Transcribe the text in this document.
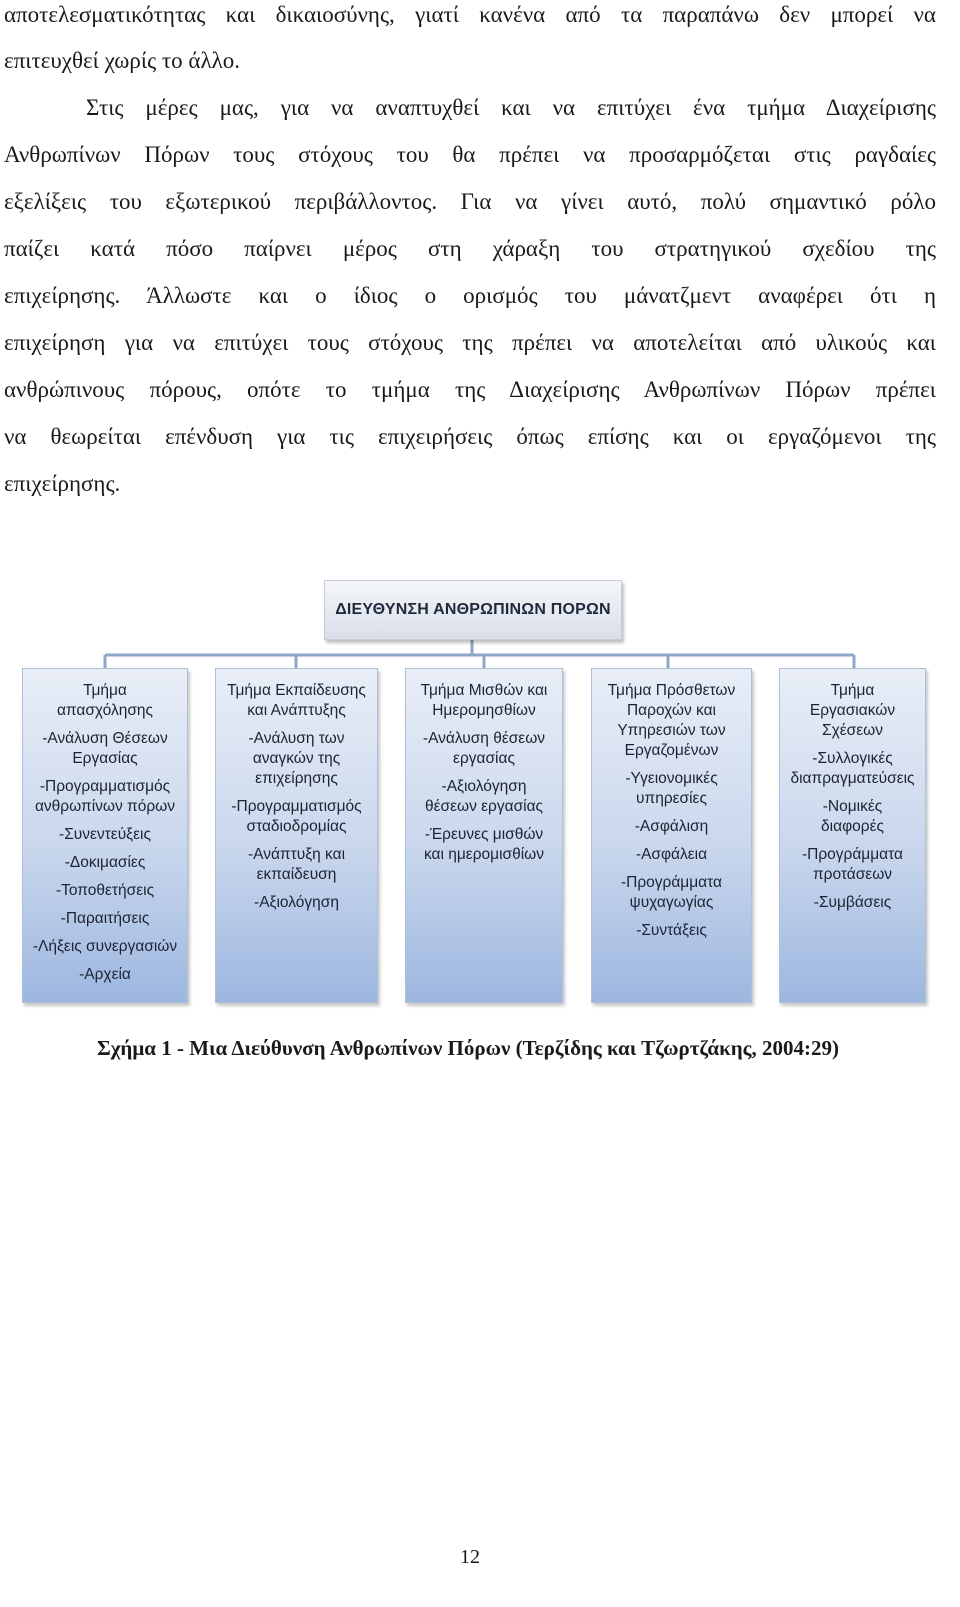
αποτελεσματικότητας και δικαιοσύνης, γιατί κανένα από τα παραπάνω δεν μπορεί να
επιτευχθεί χωρίς το άλλο.
Στις μέρες μας, για να αναπτυχθεί και να επιτύχει ένα τμήμα Διαχείρισης
Ανθρωπίνων Πόρων τους στόχους του θα πρέπει να προσαρμόζεται στις ραγδαίες
εξελίξεις του εξωτερικού περιβάλλοντος. Για να γίνει αυτό, πολύ σημαντικό ρόλο
παίζει κατά πόσο παίρνει μέρος στη χάραξη του στρατηγικού σχεδίου της
επιχείρησης. Άλλωστε και ο ίδιος ο ορισμός του μάνατζμεντ αναφέρει ότι η
επιχείρηση για να επιτύχει τους στόχους της πρέπει να αποτελείται από υλικούς και
ανθρώπινους πόρους, οπότε το τμήμα της Διαχείρισης Ανθρωπίνων Πόρων πρέπει
να θεωρείται επένδυση για τις επιχειρήσεις όπως επίσης και οι εργαζόμενοι της
επιχείρησης.
ΔΙΕΥΘΥΝΣΗ ΑΝΘΡΩΠΙΝΩΝ ΠΟΡΩΝ
Τμήμα
απασχόλησης
-Ανάλυση Θέσεων
Εργασίας
-Προγραμματισμός
ανθρωπίνων πόρων
-Συνεντεύξεις
-Δοκιμασίες
-Τοποθετήσεις
-Παραιτήσεις
-Λήξεις συνεργασιών
-Αρχεία
Τμήμα Εκπαίδευσης
και Ανάπτυξης
-Ανάλυση των
αναγκών της
επιχείρησης
-Προγραμματισμός
σταδιοδρομίας
-Ανάπτυξη και
εκπαίδευση
-Αξιολόγηση
Τμήμα Μισθών και
Ημερομησθίων
-Ανάλυση θέσεων
εργασίας
-Αξιολόγηση
θέσεων εργασίας
-Έρευνες μισθών
και ημερομισθίων
Τμήμα Πρόσθετων
Παροχών και
Υπηρεσιών των
Εργαζομένων
-Υγειονομικές
υπηρεσίες
-Ασφάλιση
-Ασφάλεια
-Προγράμματα
ψυχαγωγίας
-Συντάξεις
Τμήμα
Εργασιακών
Σχέσεων
-Συλλογικές
διαπραγματεύσεις
-Νομικές
διαφορές
-Προγράμματα
προτάσεων
-Συμβάσεις
Σχήμα 1 - Μια Διεύθυνση Ανθρωπίνων Πόρων (Τερζίδης και Τζωρτζάκης, 2004:29)
12
